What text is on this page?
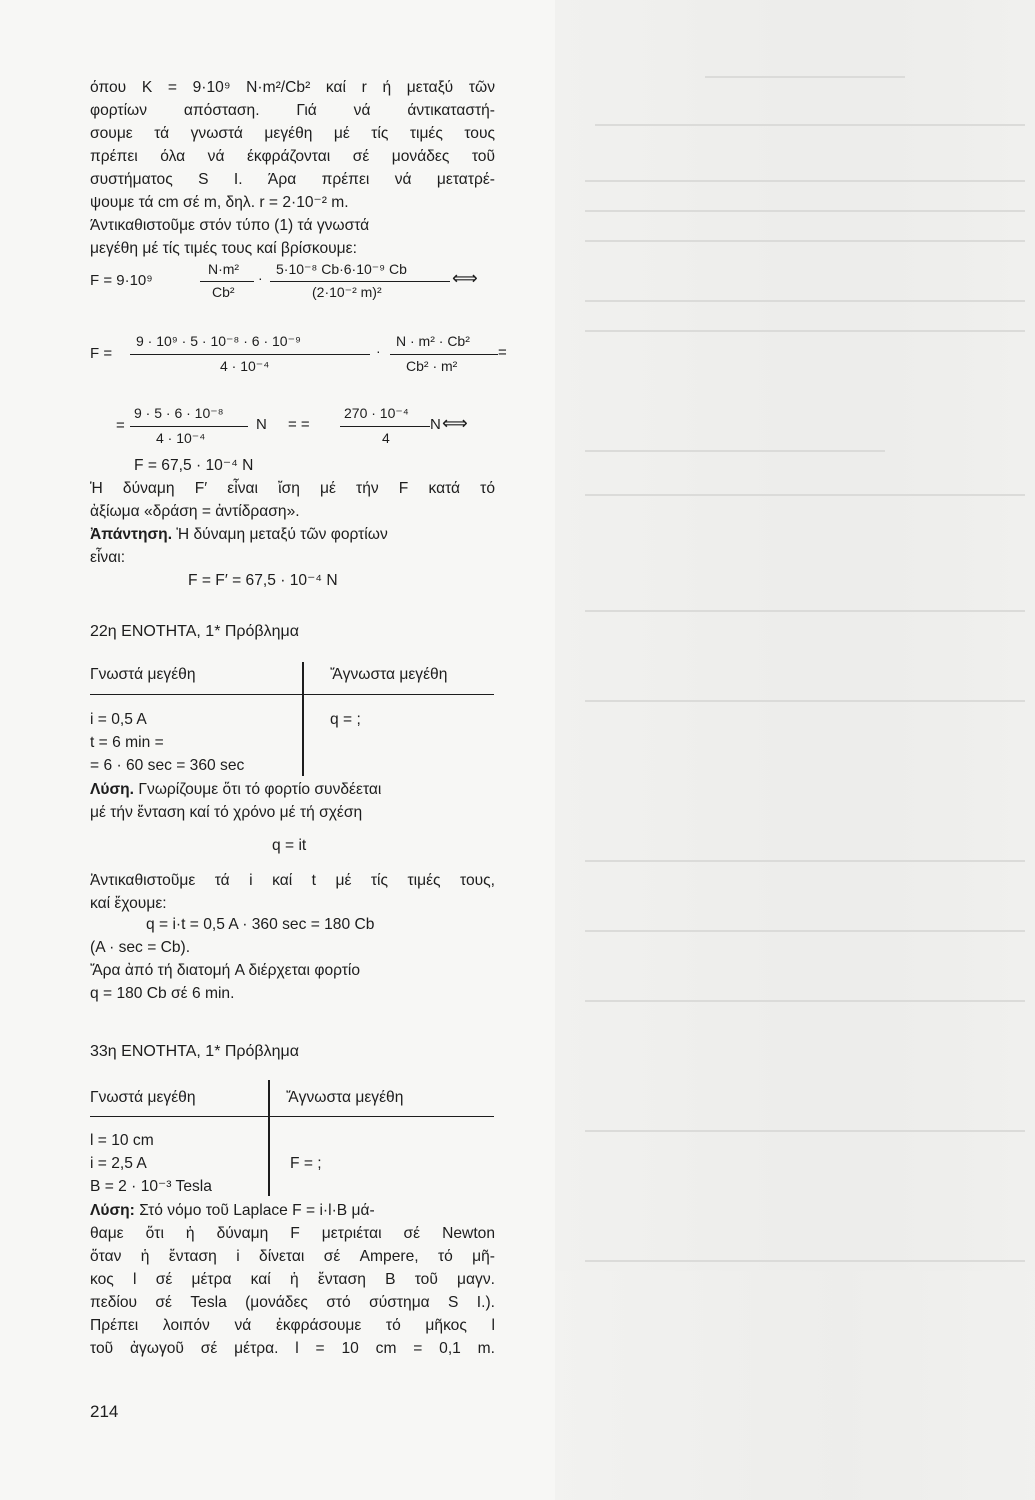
όπου K = 9·10⁹ N·m²/Cb² καί r ή μεταξύ τῶν
φορτίων απόσταση. Γιά νά άντικαταστή-
σουμε τά γνωστά μεγέθη μέ τίς τιμές τους
πρέπει όλα νά έκφράζονται σέ μονάδες τοῦ
συστήματος S I. Άρα πρέπει νά μετατρέ-
ψουμε τά cm σέ m, δηλ. r = 2·10⁻² m.
Άντικαθιστοῦμε στόν τύπο (1) τά γνωστά
μεγέθη μέ τίς τιμές τους καί βρίσκουμε:
F = 9·10⁹
N·m²
Cb²
·
5·10⁻⁸ Cb·6·10⁻⁹ Cb
(2·10⁻² m)²
⟺
F =
9 · 10⁹ · 5 · 10⁻⁸ · 6 · 10⁻⁹
4 · 10⁻⁴
·
N · m² · Cb²
Cb² · m²
=
=
9 · 5 · 6 · 10⁻⁸
4 · 10⁻⁴
N = =
270 · 10⁻⁴
4
N ⟺
F = 67,5 · 10⁻⁴ N
Ἡ δύναμη F′ εἶναι ἴση μέ τήν F κατά τό
ἀξίωμα «δράση = ἀντίδραση».
Ἀπάντηση. Ἡ δύναμη μεταξύ τῶν φορτίων
εἶναι:
F = F′ = 67,5 · 10⁻⁴ N
22η ΕΝΟΤΗΤΑ, 1* Πρόβλημα
Γνωστά μεγέθη	Ἄγνωστα μεγέθη
i = 0,5 A
t = 6 min =
= 6 · 60 sec = 360 sec
q = ;
Λύση. Γνωρίζουμε ὅτι τό φορτίο συνδέεται
μέ τήν ἔνταση καί τό χρόνο μέ τή σχέση
q = it
Ἀντικαθιστοῦμε τά i καί t μέ τίς τιμές τους,
καί ἔχουμε:
q = i·t = 0,5 A · 360 sec = 180 Cb
(A · sec = Cb).
Ἄρα ἀπό τή διατομή A διέρχεται φορτίο
q = 180 Cb σέ 6 min.
33η ΕΝΟΤΗΤΑ, 1* Πρόβλημα
Γνωστά μεγέθη	Ἄγνωστα μεγέθη
l = 10 cm
i = 2,5 A
B = 2 · 10⁻³ Tesla
F = ;
Λύση: Στό νόμο τοῦ Laplace F = i·l·B μά-
θαμε ὅτι ἡ δύναμη F μετριέται σέ Newton
ὅταν ἡ ἔνταση i δίνεται σέ Ampere, τό μῆ-
κος l σέ μέτρα καί ἡ ἔνταση B τοῦ μαγν.
πεδίου σέ Tesla (μονάδες στό σύστημα S I.).
Πρέπει λοιπόν νά ἐκφράσουμε τό μῆκος l
τοῦ ἀγωγοῦ σέ μέτρα. l = 10 cm = 0,1 m.
214
